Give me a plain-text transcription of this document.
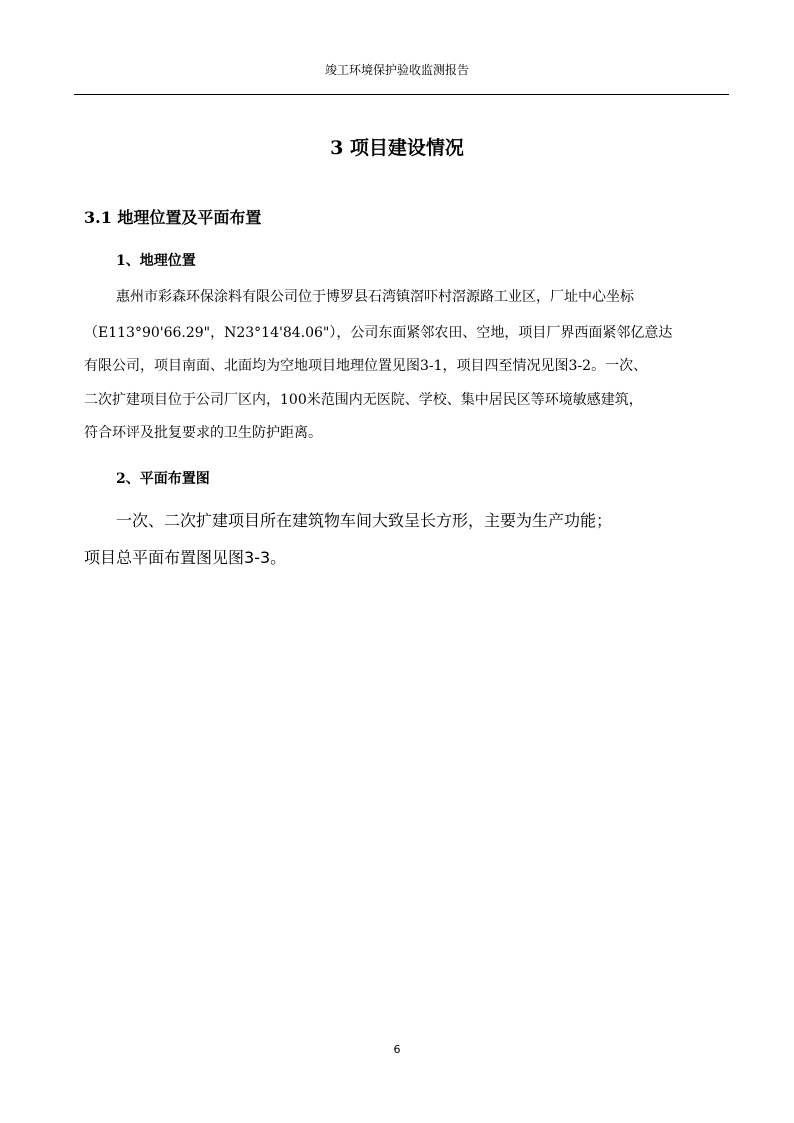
竣工环境保护验收监测报告
3 项目建设情况
3.1 地理位置及平面布置
1、地理位置
惠州市彩森环保涂料有限公司位于博罗县石湾镇滘吓村滘源路工业区，厂址中心坐标
（E113°90'66.29"，N23°14'84.06"），公司东面紧邻农田、空地，项目厂界西面紧邻亿意达
有限公司，项目南面、北面均为空地项目地理位置见图3-1，项目四至情况见图3-2。一次、
二次扩建项目位于公司厂区内，100米范围内无医院、学校、集中居民区等环境敏感建筑，
符合环评及批复要求的卫生防护距离。
2、平面布置图
一次、二次扩建项目所在建筑物车间大致呈长方形，主要为生产功能；
项目总平面布置图见图3-3。
6
